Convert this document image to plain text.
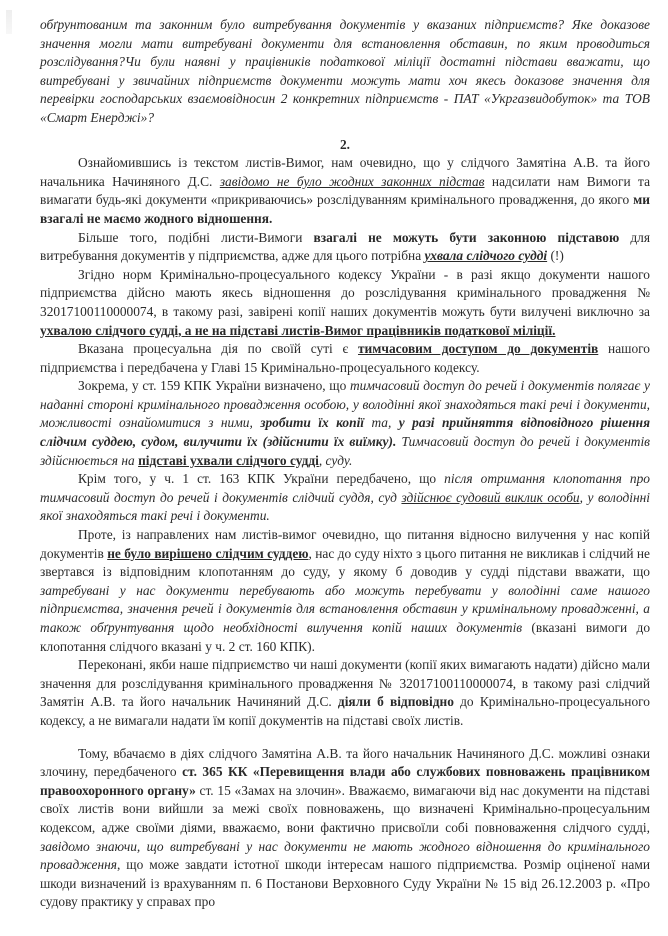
обґрунтованим та законним було витребування документів у вказаних підприємств? Яке доказове значення могли мати витребувані документи для встановлення обставин, по яким проводиться розслідування?Чи були наявні у працівників податкової міліції достатні підстави вважати, що витребувані у звичайних підприємств документи можуть мати хоч якесь доказове значення для перевірки господарських взаємовідносин 2 конкретних підприємств - ПАТ «Укргазвидобуток» та ТОВ «Смарт Енерджі»?

2.

Ознайомившись із текстом листів-Вимог, нам очевидно, що у слідчого Замятіна А.В. та його начальника Начиняного Д.С. завідомо не було жодних законних підстав надсилати нам Вимоги та вимагати будь-які документи «прикриваючись» розслідуванням кримінального провадження, до якого ми взагалі не маємо жодного відношення.

Більше того, подібні листи-Вимоги взагалі не можуть бути законною підставою для витребування документів у підприємства, адже для цього потрібна ухвала слідчого судді (!)

Згідно норм Кримінально-процесуального кодексу України - в разі якщо документи нашого підприємства дійсно мають якесь відношення до розслідування кримінального провадження № 32017100110000074, в такому разі, завірені копії наших документів можуть бути вилучені виключно за ухвалою слідчого судді, а не на підставі листів-Вимог працівників податкової міліції.

Вказана процесуальна дія по своїй суті є тимчасовим доступом до документів нашого підприємства і передбачена у Главі 15 Кримінально-процесуального кодексу.

Зокрема, у ст. 159 КПК України визначено, що тимчасовий доступ до речей і документів полягає у наданні стороні кримінального провадження особою, у володінні якої знаходяться такі речі і документи, можливості ознайомитися з ними, зробити їх копії та, у разі прийняття відповідного рішення слідчим суддею, судом, вилучити їх (здійснити їх виїмку). Тимчасовий доступ до речей і документів здійснюється на підставі ухвали слідчого судді, суду.

Крім того, у ч. 1 ст. 163 КПК України передбачено, що після отримання клопотання про тимчасовий доступ до речей і документів слідчий суддя, суд здійснює судовий виклик особи, у володінні якої знаходяться такі речі і документи.

Проте, із направлених нам листів-вимог очевидно, що питання відносно вилучення у нас копій документів не було вирішено слідчим суддею, нас до суду ніхто з цього питання не викликав і слідчий не звертався із відповідним клопотанням до суду, у якому б доводив у судді підстави вважати, що затребувані у нас документи перебувають або можуть перебувати у володінні саме нашого підприємства, значення речей і документів для встановлення обставин у кримінальному провадженні, а також обґрунтування щодо необхідності вилучення копій наших документів (вказані вимоги до клопотання слідчого вказані у ч. 2 ст. 160 КПК).

Переконані, якби наше підприємство чи наші документи (копії яких вимагають надати) дійсно мали значення для розслідування кримінального провадження № 32017100110000074, в такому разі слідчий Замятін А.В. та його начальник Начиняний Д.С. діяли б відповідно до Кримінально-процесуального кодексу, а не вимагали надати їм копії документів на підставі своїх листів.

Тому, вбачаємо в діях слідчого Замятіна А.В. та його начальник Начиняного Д.С. можливі ознаки злочину, передбаченого ст. 365 КК «Перевищення влади або службових повноважень працівником правоохоронного органу» ст. 15 «Замах на злочин». Вважаємо, вимагаючи від нас документи на підставі своїх листів вони вийшли за межі своїх повноважень, що визначені Кримінально-процесуальним кодексом, адже своїми діями, вважаємо, вони фактично присвоїли собі повноваження слідчого судді, завідомо знаючи, що витребувані у нас документи не мають жодного відношення до кримінального провадження, що може завдати істотної шкоди інтересам нашого підприємства. Розмір оціненої нами шкоди визначений із врахуванням п. 6 Постанови Верховного Суду України № 15 від 26.12.2003 р. «Про судову практику у справах про
